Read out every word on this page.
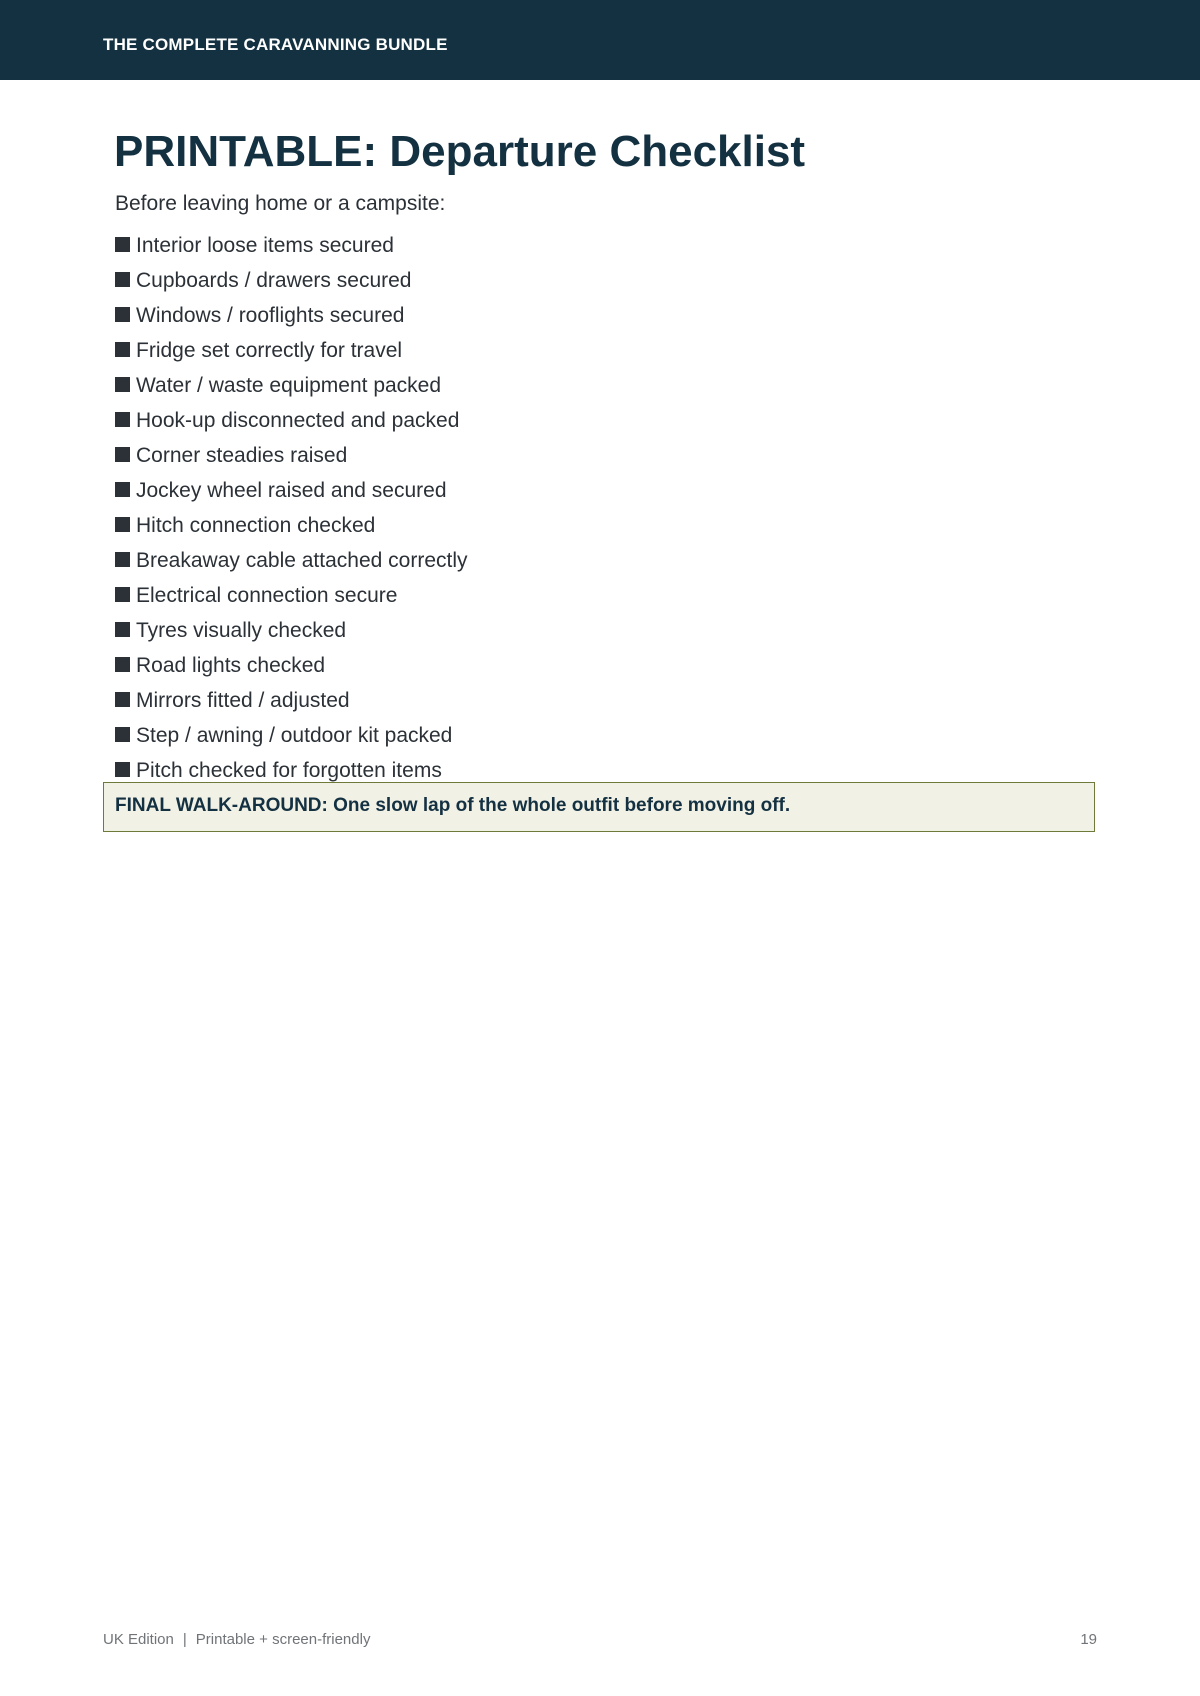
THE COMPLETE CARAVANNING BUNDLE
PRINTABLE: Departure Checklist
Before leaving home or a campsite:
Interior loose items secured
Cupboards / drawers secured
Windows / rooflights secured
Fridge set correctly for travel
Water / waste equipment packed
Hook-up disconnected and packed
Corner steadies raised
Jockey wheel raised and secured
Hitch connection checked
Breakaway cable attached correctly
Electrical connection secure
Tyres visually checked
Road lights checked
Mirrors fitted / adjusted
Step / awning / outdoor kit packed
Pitch checked for forgotten items
FINAL WALK-AROUND: One slow lap of the whole outfit before moving off.
UK Edition | Printable + screen-friendly	19
